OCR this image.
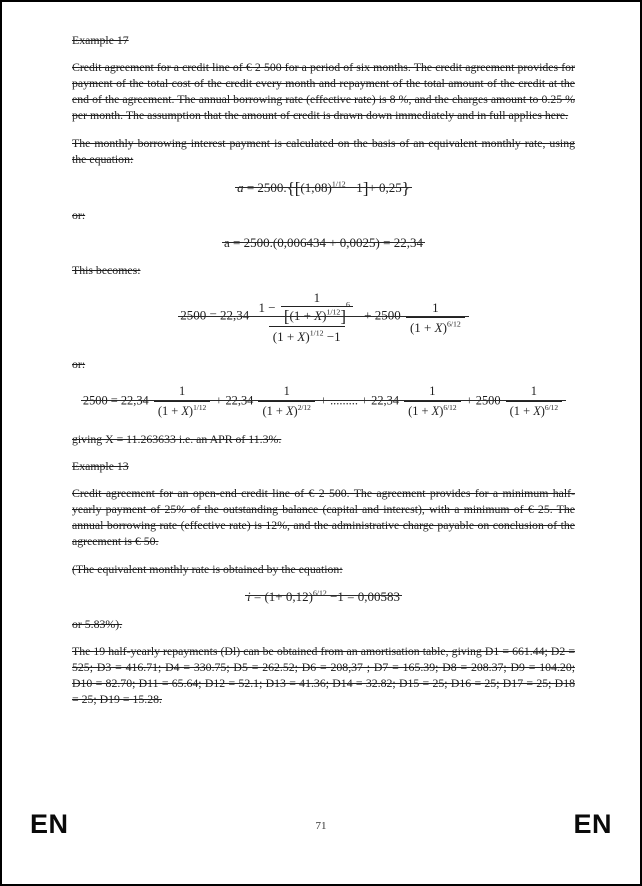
Example 17

Credit agreement for a credit line of € 2 500 for a period of six months. The credit agreement provides for payment of the total cost of the credit every month and repayment of the total amount of the credit at the end of the agreement. The annual borrowing rate (effective rate) is 8 %, and the charges amount to 0.25 % per month. The assumption that the amount of credit is drawn down immediately and in full applies here.

The monthly borrowing interest payment is calculated on the basis of an equivalent monthly rate, using the equation:

$a = 2500.\{[(1,08)^{1/12} -1]+ 0,25\}$

or:

a = 2500.(0,006434 + 0,0025) = 22,34

This becomes:

2500 = 22,34 1 −
$\frac{1}{[(1 + X)^{1/12}]^6}$
$(1 + X)^{1/12} -1 + 2500 \frac{1}{(1 + X)^{6/12}}$

or:

$2500 = 22,34 \frac{1}{(1 + X)^{1/12}} + 22,34 \frac{1}{(1 + X)^{2/12}}$ + ......... + $22,34 \frac{1}{(1 + X)^{6/12}} + 2500 \frac{1}{(1 + X)^{6/12}}$

giving X = 11.263633 i.e. an APR of 11.3%.

Example 13

Credit agreement for an open-end credit line of € 2 500. The agreement provides for a minimum half-yearly payment of 25% of the outstanding balance (capital and interest), with a minimum of € 25. The annual borrowing rate (effective rate) is 12%, and the administrative charge payable on conclusion of the agreement is € 50.

(The equivalent monthly rate is obtained by the equation:

$i = (1+ 0,12)^{6/12} -1 = 0,00583$

or 5.83%).

The 19 half-yearly repayments (Dl) can be obtained from an amortisation table, giving D1 = 661.44; D2 = 525; D3 = 416.71; D4 = 330.75; D5 = 262.52; D6 = 208,37 ; D7 = 165.39; D8 = 208.37; D9 = 104.20; D10 = 82.70; D11 = 65.64; D12 = 52.1; D13 = 41.36; D14 = 32.82; D15 = 25; D16 = 25; D17 = 25; D18 = 25; D19 = 15.28.

EN	71	EN
